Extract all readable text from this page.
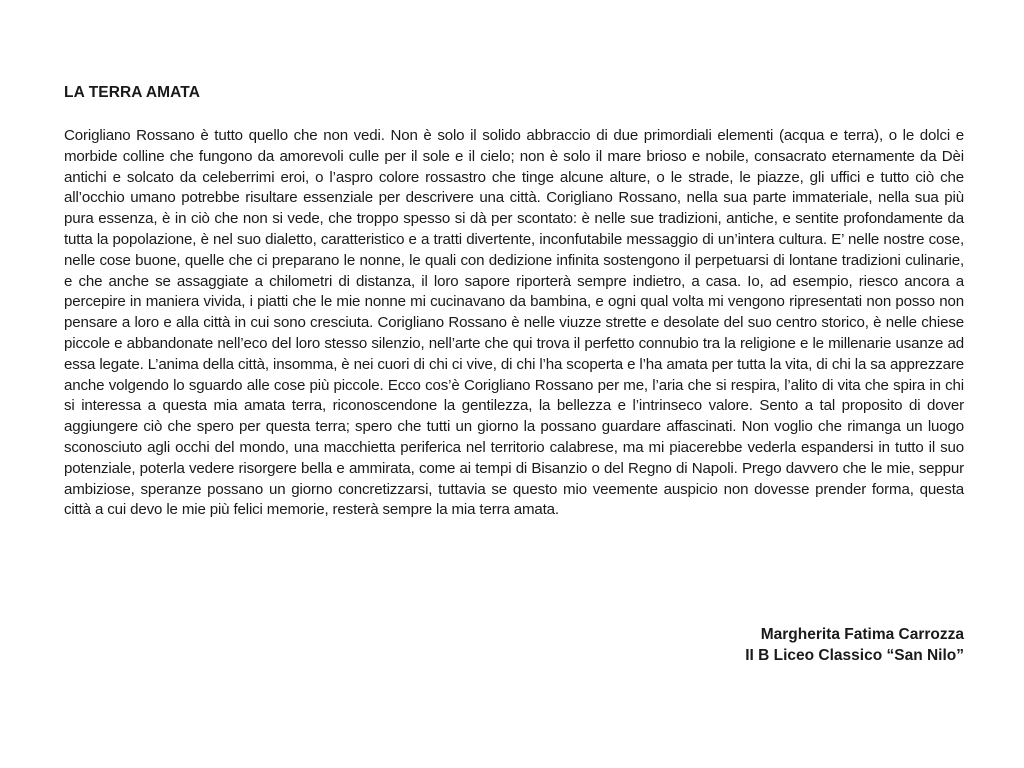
LA TERRA AMATA

Corigliano Rossano è tutto quello che non vedi. Non è solo il solido abbraccio di due primordiali elementi (acqua e terra), o le dolci e morbide colline che fungono da amorevoli culle per il sole e il cielo; non è solo il mare brioso e nobile, consacrato eternamente da Dèi antichi e solcato da celeberrimi eroi, o l’aspro colore rossastro che tinge alcune alture, o le strade, le piazze, gli uffici e tutto ciò che all’occhio umano potrebbe risultare essenziale per descrivere una città. Corigliano Rossano, nella sua parte immateriale, nella sua più pura essenza, è in ciò che non si vede, che troppo spesso si dà per scontato: è nelle sue tradizioni, antiche, e sentite profondamente da tutta la popolazione, è nel suo dialetto, caratteristico e a tratti divertente, inconfutabile messaggio di un’intera cultura. E’ nelle nostre cose, nelle cose buone, quelle che ci preparano le nonne, le quali con dedizione infinita sostengono il perpetuarsi di lontane tradizioni culinarie, e che anche se assaggiate a chilometri di distanza, il loro sapore riporterà sempre indietro, a casa. Io, ad esempio, riesco ancora a percepire in maniera vivida, i piatti che le mie nonne mi cucinavano da bambina, e ogni qual volta mi vengono ripresentati non posso non pensare a loro e alla città in cui sono cresciuta. Corigliano Rossano è nelle viuzze strette e desolate del suo centro storico, è nelle chiese piccole e abbandonate nell’eco del loro stesso silenzio, nell’arte che qui trova il perfetto connubio tra la religione e le millenarie usanze ad essa legate. L’anima della città, insomma, è nei cuori di chi ci vive, di chi l’ha scoperta e l’ha amata per tutta la vita, di chi la sa apprezzare anche volgendo lo sguardo alle cose più piccole. Ecco cos’è Corigliano Rossano per me, l’aria che si respira, l’alito di vita che spira in chi si interessa a questa mia amata terra, riconoscendone la gentilezza, la bellezza e l’intrinseco valore. Sento a tal proposito di dover aggiungere ciò che spero per questa terra; spero che tutti un giorno la possano guardare affascinati. Non voglio che rimanga un luogo sconosciuto agli occhi del mondo, una macchietta periferica nel territorio calabrese, ma mi piacerebbe vederla espandersi in tutto il suo potenziale, poterla vedere risorgere bella e ammirata, come ai tempi di Bisanzio o del Regno di Napoli. Prego davvero che le mie, seppur ambiziose, speranze possano un giorno concretizzarsi, tuttavia se questo mio veemente auspicio non dovesse prender forma, questa città a cui devo le mie più felici memorie, resterà sempre la mia terra amata.

Margherita Fatima Carrozza
II B Liceo Classico “San Nilo”
